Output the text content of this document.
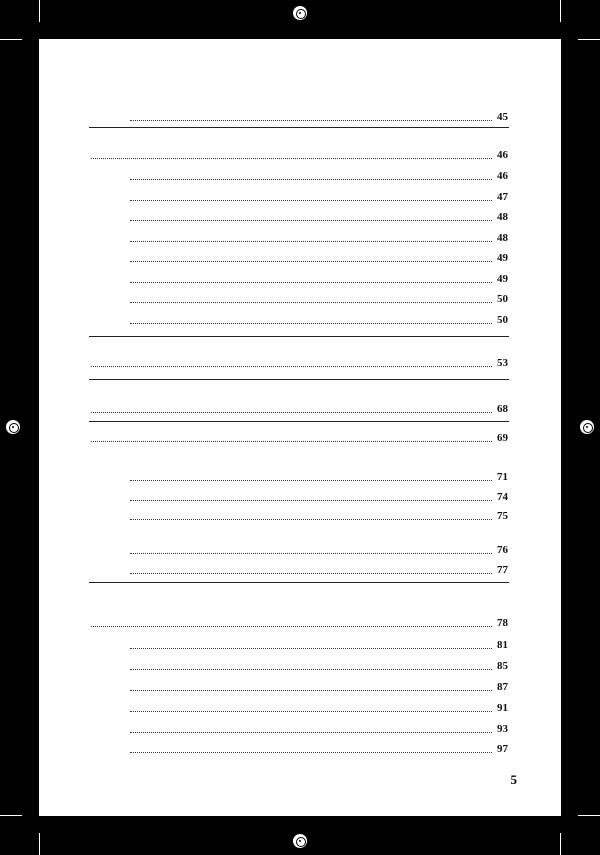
45
46
46
47
48
48
49
49
50
50
53
68
69
71
74
75
76
77
78
81
85
87
91
93
97
5
